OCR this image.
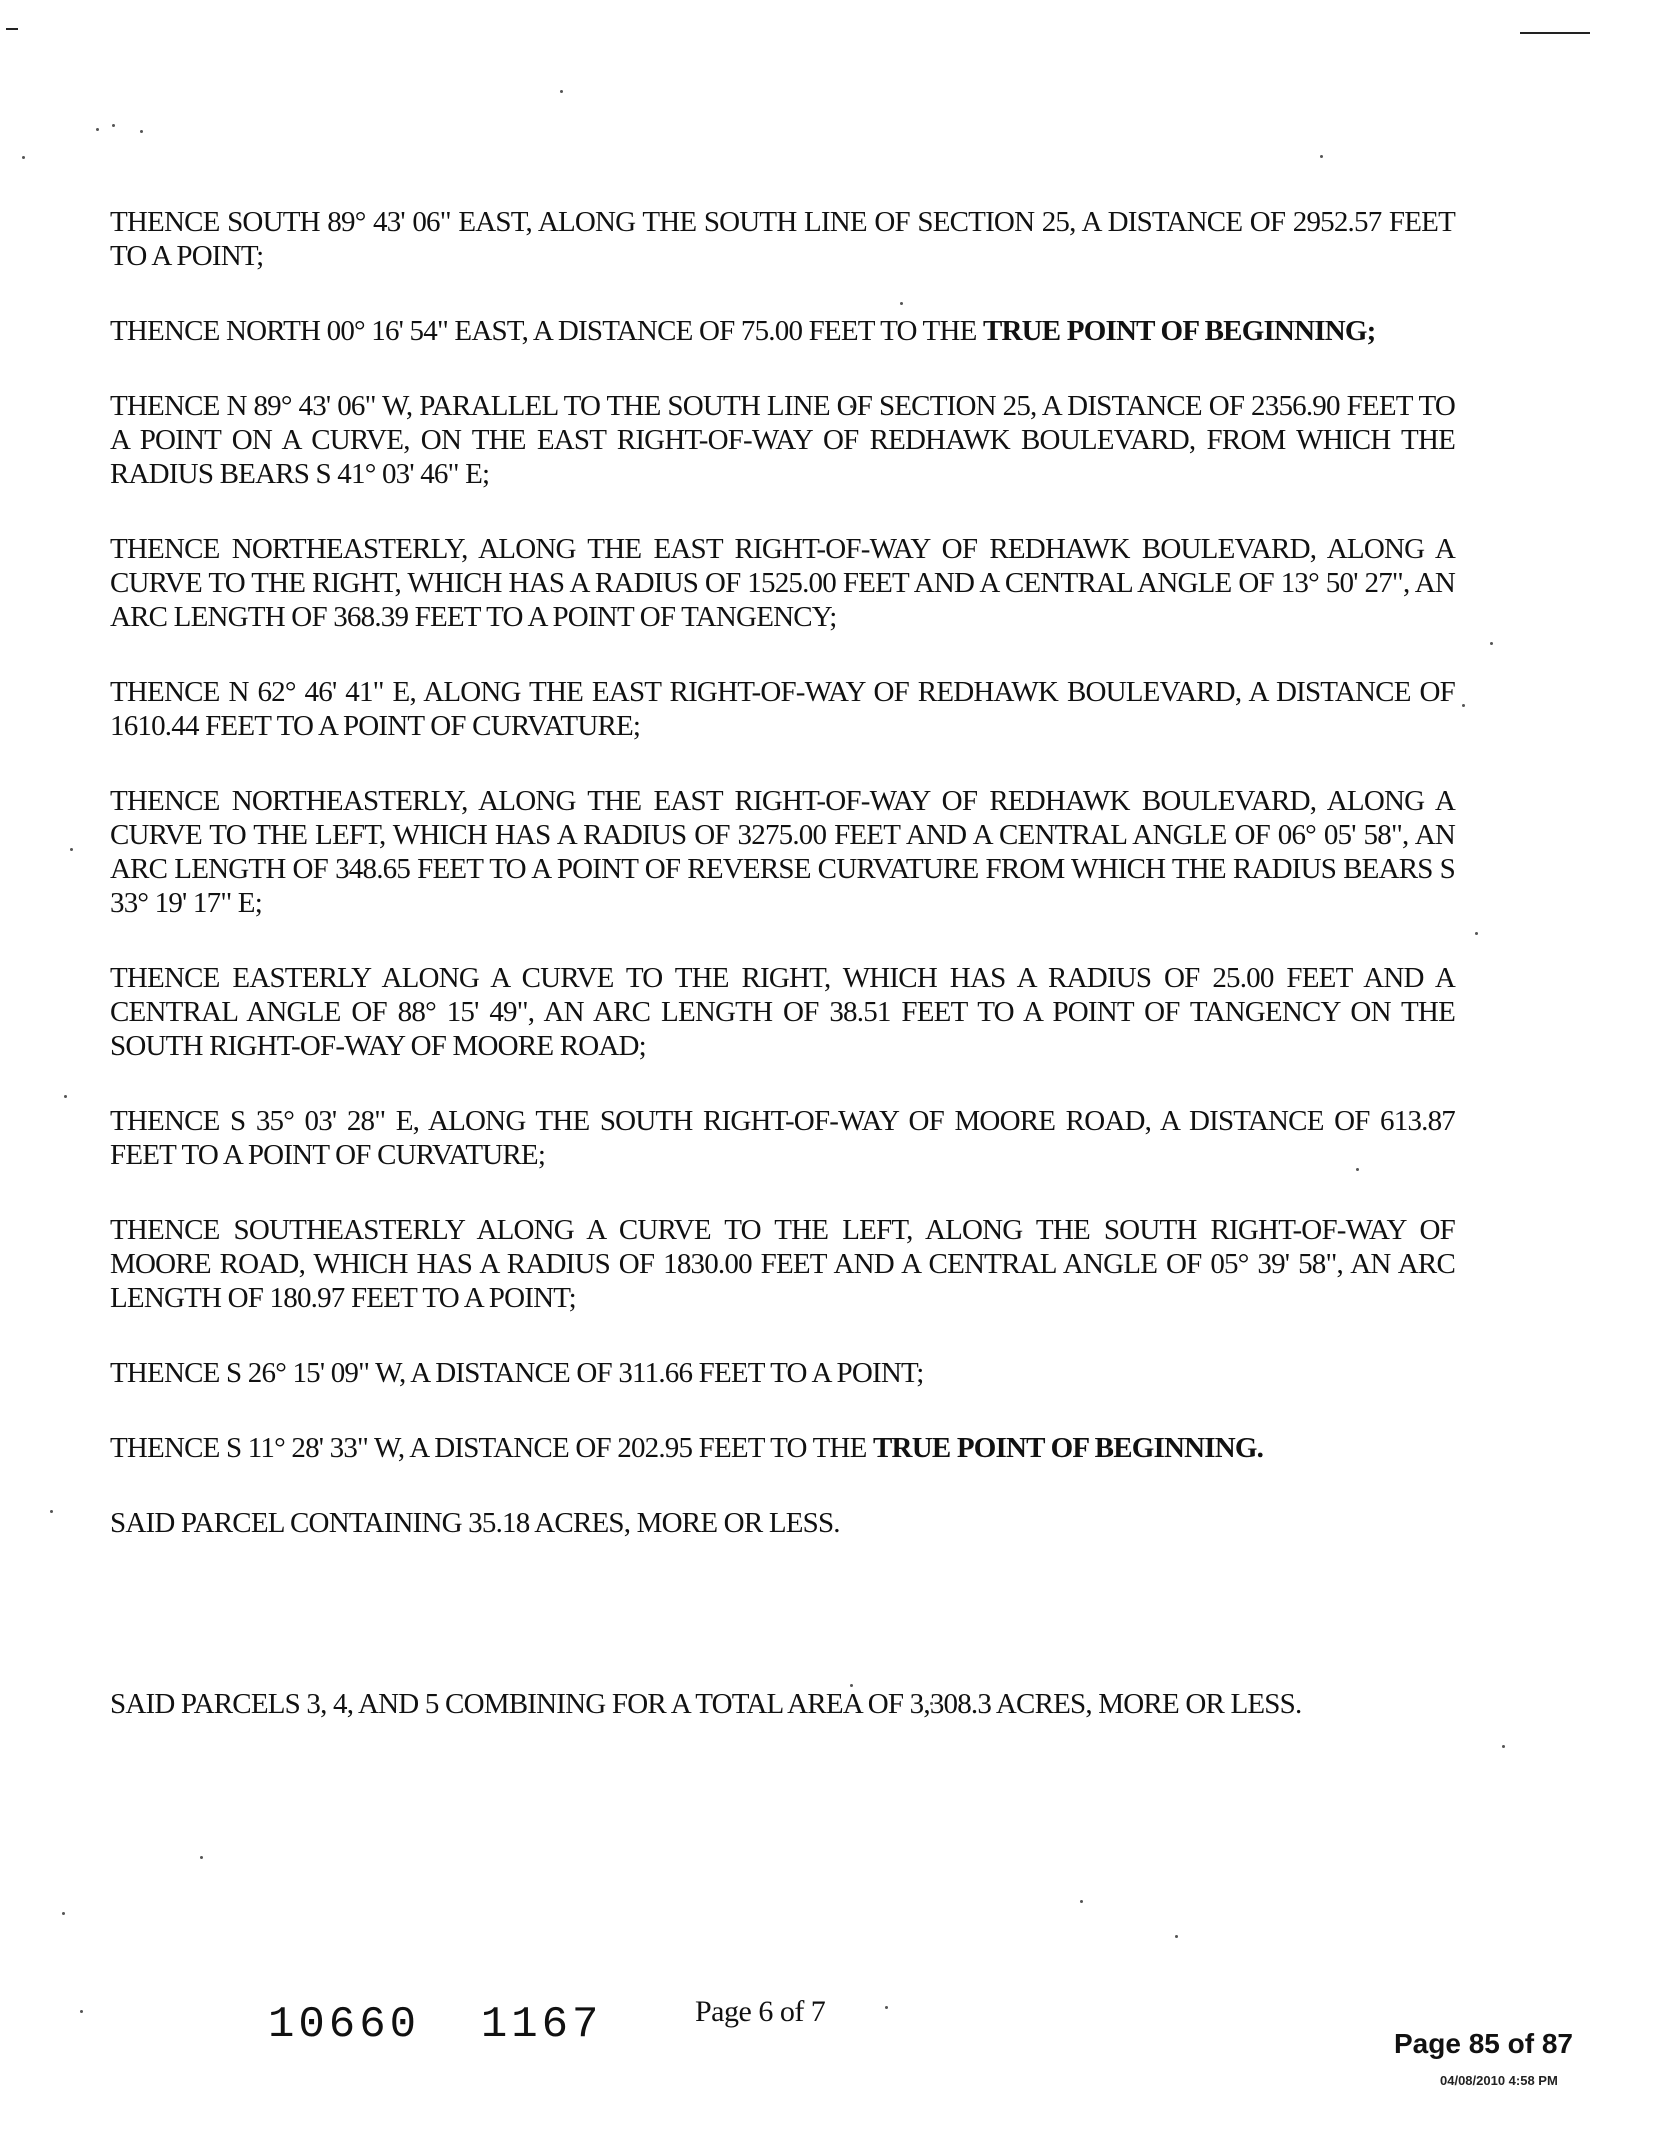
THENCE SOUTH 89° 43' 06" EAST, ALONG THE SOUTH LINE OF SECTION 25, A DISTANCE OF 2952.57 FEET TO A POINT;

THENCE NORTH 00° 16' 54" EAST, A DISTANCE OF 75.00 FEET TO THE TRUE POINT OF BEGINNING;

THENCE N 89° 43' 06" W, PARALLEL TO THE SOUTH LINE OF SECTION 25, A DISTANCE OF 2356.90 FEET TO A POINT ON A CURVE, ON THE EAST RIGHT-OF-WAY OF REDHAWK BOULEVARD, FROM WHICH THE RADIUS BEARS S 41° 03' 46" E;

THENCE NORTHEASTERLY, ALONG THE EAST RIGHT-OF-WAY OF REDHAWK BOULEVARD, ALONG A CURVE TO THE RIGHT, WHICH HAS A RADIUS OF 1525.00 FEET AND A CENTRAL ANGLE OF 13° 50' 27", AN ARC LENGTH OF 368.39 FEET TO A POINT OF TANGENCY;

THENCE N 62° 46' 41" E, ALONG THE EAST RIGHT-OF-WAY OF REDHAWK BOULEVARD, A DISTANCE OF 1610.44 FEET TO A POINT OF CURVATURE;

THENCE NORTHEASTERLY, ALONG THE EAST RIGHT-OF-WAY OF REDHAWK BOULEVARD, ALONG A CURVE TO THE LEFT, WHICH HAS A RADIUS OF 3275.00 FEET AND A CENTRAL ANGLE OF 06° 05' 58", AN ARC LENGTH OF 348.65 FEET TO A POINT OF REVERSE CURVATURE FROM WHICH THE RADIUS BEARS S 33° 19' 17" E;

THENCE EASTERLY ALONG A CURVE TO THE RIGHT, WHICH HAS A RADIUS OF 25.00 FEET AND A CENTRAL ANGLE OF 88° 15' 49", AN ARC LENGTH OF 38.51 FEET TO A POINT OF TANGENCY ON THE SOUTH RIGHT-OF-WAY OF MOORE ROAD;

THENCE S 35° 03' 28" E, ALONG THE SOUTH RIGHT-OF-WAY OF MOORE ROAD, A DISTANCE OF 613.87 FEET TO A POINT OF CURVATURE;

THENCE SOUTHEASTERLY ALONG A CURVE TO THE LEFT, ALONG THE SOUTH RIGHT-OF-WAY OF MOORE ROAD, WHICH HAS A RADIUS OF 1830.00 FEET AND A CENTRAL ANGLE OF 05° 39' 58", AN ARC LENGTH OF 180.97 FEET TO A POINT;

THENCE S 26° 15' 09" W, A DISTANCE OF 311.66 FEET TO A POINT;

THENCE S 11° 28' 33" W, A DISTANCE OF 202.95 FEET TO THE TRUE POINT OF BEGINNING.

SAID PARCEL CONTAINING 35.18 ACRES, MORE OR LESS.

SAID PARCELS 3, 4, AND 5 COMBINING FOR A TOTAL AREA OF 3,308.3 ACRES, MORE OR LESS.

10660  1167	Page 6 of 7
Page 85 of 87
04/08/2010 4:58 PM
